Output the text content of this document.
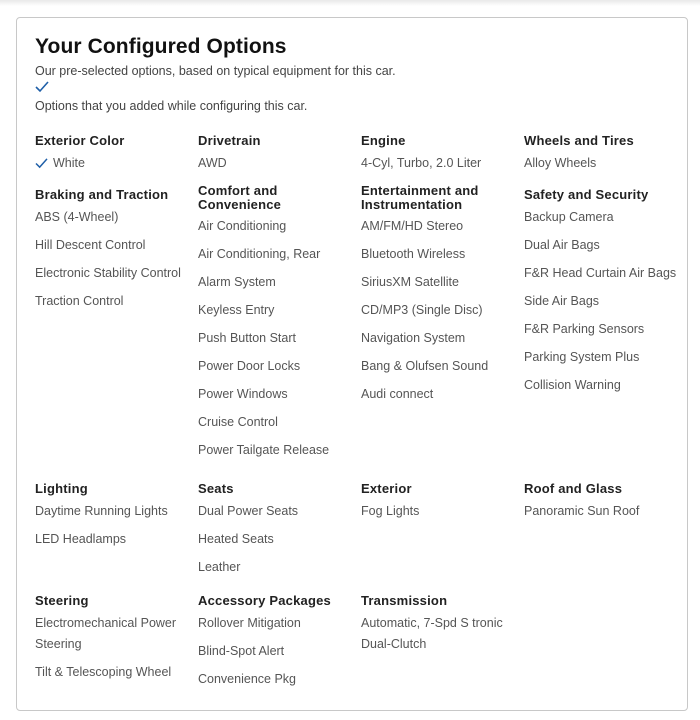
Your Configured Options
Our pre-selected options, based on typical equipment for this car.
Options that you added while configuring this car.
Exterior Color
White
Drivetrain
AWD
Engine
4-Cyl, Turbo, 2.0 Liter
Wheels and Tires
Alloy Wheels
Braking and Traction
ABS (4-Wheel)
Hill Descent Control
Electronic Stability Control
Traction Control
Comfort and Convenience
Air Conditioning
Air Conditioning, Rear
Alarm System
Keyless Entry
Push Button Start
Power Door Locks
Power Windows
Cruise Control
Power Tailgate Release
Entertainment and Instrumentation
AM/FM/HD Stereo
Bluetooth Wireless
SiriusXM Satellite
CD/MP3 (Single Disc)
Navigation System
Bang & Olufsen Sound
Audi connect
Safety and Security
Backup Camera
Dual Air Bags
F&R Head Curtain Air Bags
Side Air Bags
F&R Parking Sensors
Parking System Plus
Collision Warning
Lighting
Daytime Running Lights
LED Headlamps
Seats
Dual Power Seats
Heated Seats
Leather
Exterior
Fog Lights
Roof and Glass
Panoramic Sun Roof
Steering
Electromechanical Power Steering
Tilt & Telescoping Wheel
Accessory Packages
Rollover Mitigation
Blind-Spot Alert
Convenience Pkg
Transmission
Automatic, 7-Spd S tronic Dual-Clutch
